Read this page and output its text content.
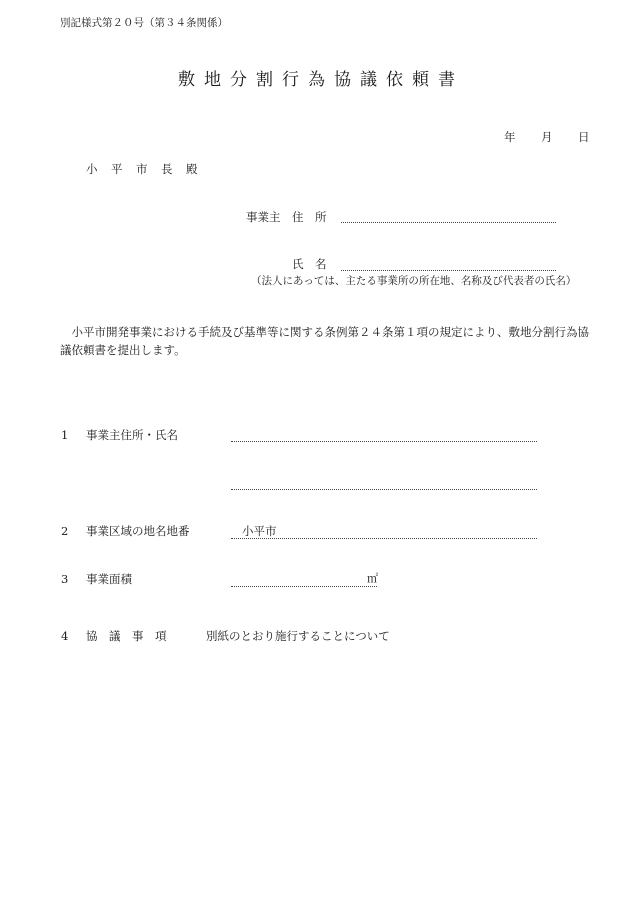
別記様式第２０号（第３４条関係）
敷地分割行為協議依頼書
年 月 日
小　平　市　長　殿
事業主　住　所
氏　名
（法人にあっては、主たる事業所の所在地、名称及び代表者の氏名）
　小平市開発事業における手続及び基準等に関する条例第２４条第１項の規定により、敷地分割行為協議依頼書を提出します。
1 事業主住所・氏名
2 事業区域の地名地番	小平市
3 事業面積	㎡
4 協　議　事　項	別紙のとおり施行することについて
